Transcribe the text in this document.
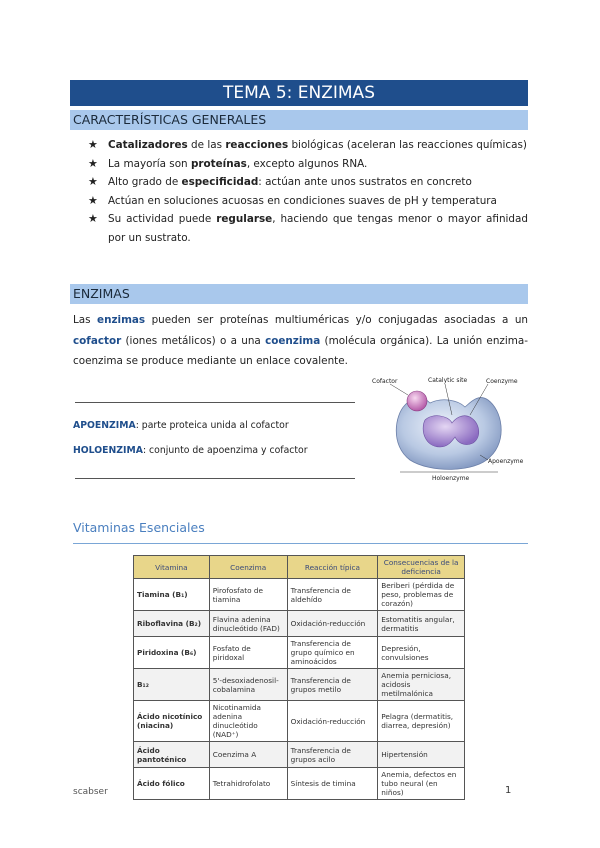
TEMA 5: ENZIMAS
CARACTERÍSTICAS GENERALES
★ Catalizadores de las reacciones biológicas (aceleran las reacciones químicas)
★ La mayoría son proteínas, excepto algunos RNA.
★ Alto grado de especificidad: actúan ante unos sustratos en concreto
★ Actúan en soluciones acuosas en condiciones suaves de pH y temperatura
★ Su actividad puede regularse, haciendo que tengas menor o mayor afinidad por un sustrato.
ENZIMAS
Las enzimas pueden ser proteínas multiuméricas y/o conjugadas asociadas a un cofactor (iones metálicos) o a una coenzima (molécula orgánica). La unión enzima-coenzima se produce mediante un enlace covalente.
APOENZIMA: parte proteica unida al cofactor
HOLOENZIMA: conjunto de apoenzima y cofactor
Cofactor	Catalytic site	Coenzyme
Apoenzyme
Holoenzyme
Vitaminas Esenciales
Vitamina	Coenzima	Reacción típica	Consecuencias de la deficiencia
Tiamina (B₁)	Pirofosfato de tiamina	Transferencia de aldehído	Beriberi (pérdida de peso, problemas de corazón)
Riboflavina (B₂)	Flavina adenina dinucleótido (FAD)	Oxidación-reducción	Estomatitis angular, dermatitis
Piridoxina (B₆)	Fosfato de piridoxal	Transferencia de grupo químico en aminoácidos	Depresión, convulsiones
B₁₂	5'-desoxiadenosil-cobalamina	Transferencia de grupos metilo	Anemia perniciosa, acidosis metilmalónica
Ácido nicotínico (niacina)	Nicotinamida adenina dinucleótido (NAD⁺)	Oxidación-reducción	Pelagra (dermatitis, diarrea, depresión)
Ácido pantoténico	Coenzima A	Transferencia de grupos acilo	Hipertensión
Ácido fólico	Tetrahidrofolato	Síntesis de timina	Anemia, defectos en tubo neural (en niños)
scabser	1
